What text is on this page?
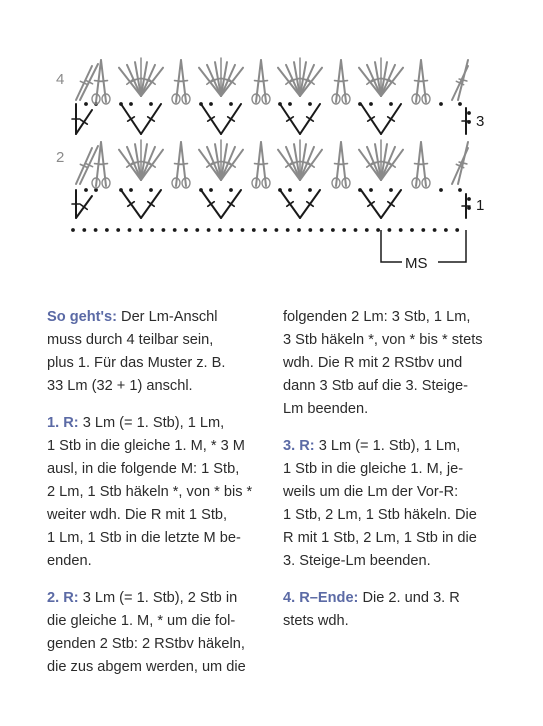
4
3
2
1
MS
So geht's: Der Lm-Anschl
muss durch 4 teilbar sein,
plus 1. Für das Muster z. B.
33 Lm (32 + 1) anschl.
1. R: 3 Lm (= 1. Stb), 1 Lm,
1 Stb in die gleiche 1. M, * 3 M
ausl, in die folgende M: 1 Stb,
2 Lm, 1 Stb häkeln *, von * bis *
weiter wdh. Die R mit 1 Stb,
1 Lm, 1 Stb in die letzte M be-
enden.
2. R: 3 Lm (= 1. Stb), 2 Stb in
die gleiche 1. M, * um die fol-
genden 2 Stb: 2 RStbv häkeln,
die zus abgem werden, um die
folgenden 2 Lm: 3 Stb, 1 Lm,
3 Stb häkeln *, von * bis * stets
wdh. Die R mit 2 RStbv und
dann 3 Stb auf die 3. Steige-
Lm beenden.
3. R: 3 Lm (= 1. Stb), 1 Lm,
1 Stb in die gleiche 1. M, je-
weils um die Lm der Vor-R:
1 Stb, 2 Lm, 1 Stb häkeln. Die
R mit 1 Stb, 2 Lm, 1 Stb in die
3. Steige-Lm beenden.
4. R–Ende: Die 2. und 3. R
stets wdh.
